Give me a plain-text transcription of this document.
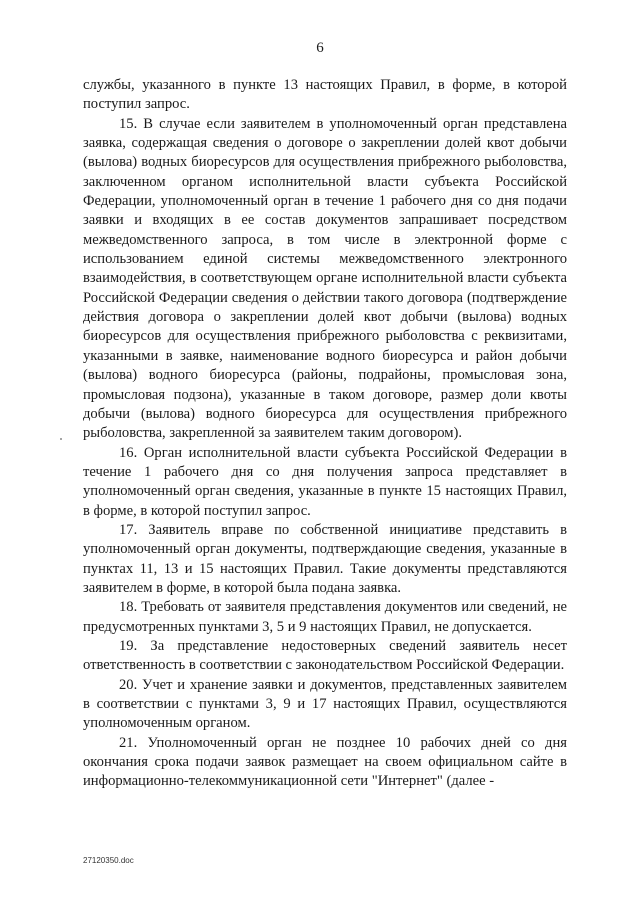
6

службы, указанного в пункте 13 настоящих Правил, в форме, в которой поступил запрос.

15. В случае если заявителем в уполномоченный орган представлена заявка, содержащая сведения о договоре о закреплении долей квот добычи (вылова) водных биоресурсов для осуществления прибрежного рыболовства, заключенном органом исполнительной власти субъекта Российской Федерации, уполномоченный орган в течение 1 рабочего дня со дня подачи заявки и входящих в ее состав документов запрашивает посредством межведомственного запроса, в том числе в электронной форме с использованием единой системы межведомственного электронного взаимодействия, в соответствующем органе исполнительной власти субъекта Российской Федерации сведения о действии такого договора (подтверждение действия договора о закреплении долей квот добычи (вылова) водных биоресурсов для осуществления прибрежного рыболовства с реквизитами, указанными в заявке, наименование водного биоресурса и район добычи (вылова) водного биоресурса (районы, подрайоны, промысловая зона, промысловая подзона), указанные в таком договоре, размер доли квоты добычи (вылова) водного биоресурса для осуществления прибрежного рыболовства, закрепленной за заявителем таким договором).

16. Орган исполнительной власти субъекта Российской Федерации в течение 1 рабочего дня со дня получения запроса представляет в уполномоченный орган сведения, указанные в пункте 15 настоящих Правил, в форме, в которой поступил запрос.

17. Заявитель вправе по собственной инициативе представить в уполномоченный орган документы, подтверждающие сведения, указанные в пунктах 11, 13 и 15 настоящих Правил. Такие документы представляются заявителем в форме, в которой была подана заявка.

18. Требовать от заявителя представления документов или сведений, не предусмотренных пунктами 3, 5 и 9 настоящих Правил, не допускается.

19. За представление недостоверных сведений заявитель несет ответственность в соответствии с законодательством Российской Федерации.

20. Учет и хранение заявки и документов, представленных заявителем в соответствии с пунктами 3, 9 и 17 настоящих Правил, осуществляются уполномоченным органом.

21. Уполномоченный орган не позднее 10 рабочих дней со дня окончания срока подачи заявок размещает на своем официальном сайте в информационно-телекоммуникационной сети "Интернет" (далее -

27120350.doc
